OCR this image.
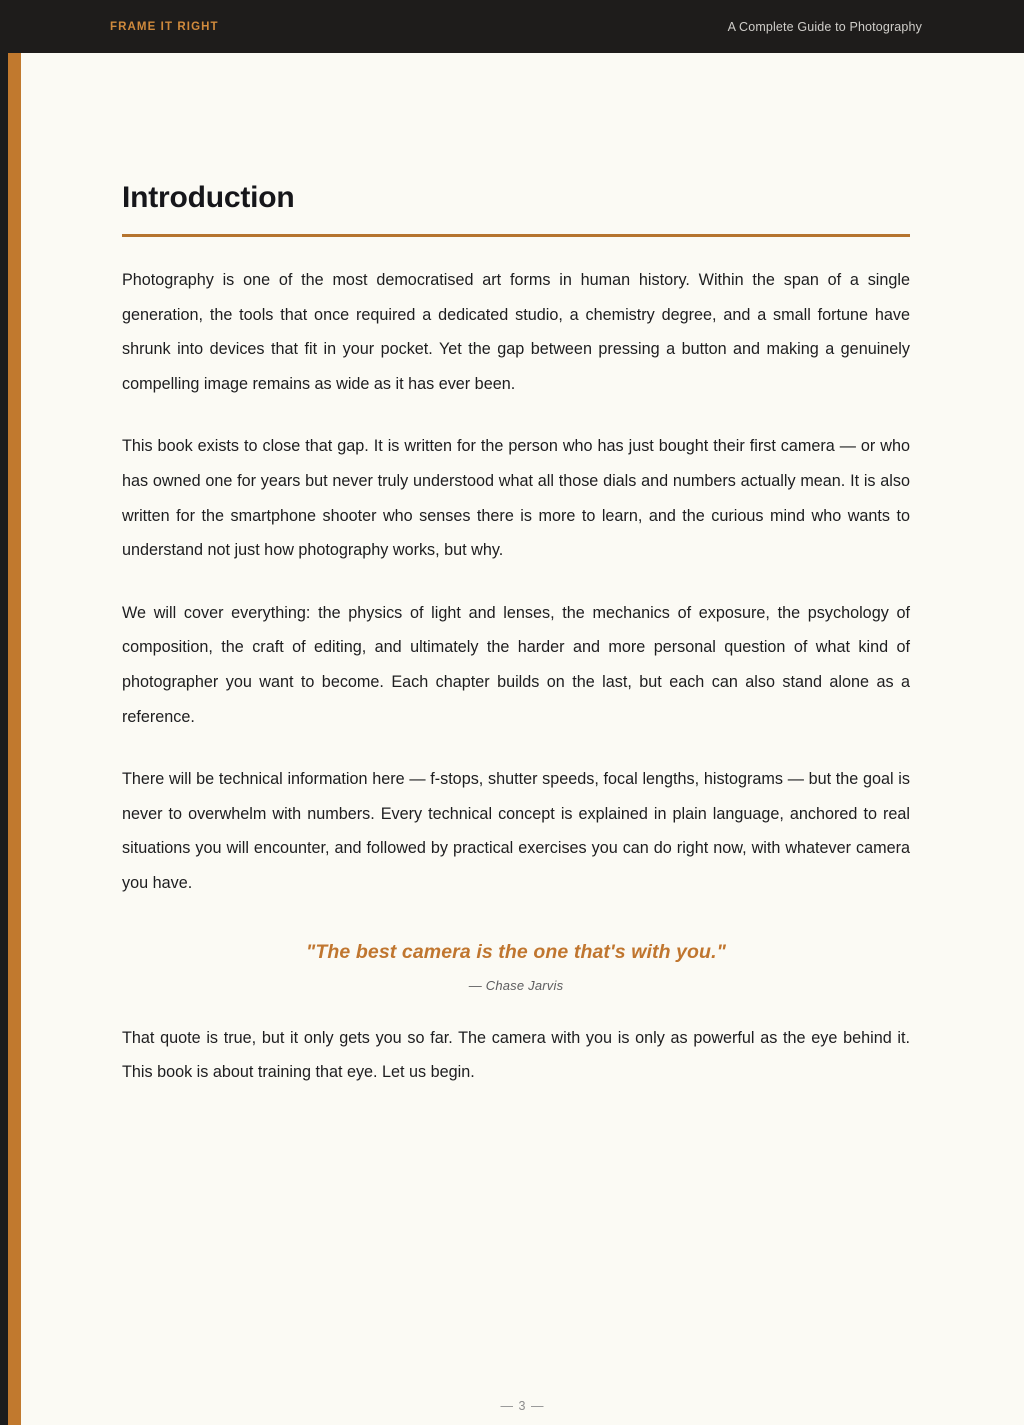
FRAME IT RIGHT	A Complete Guide to Photography
Introduction

Photography is one of the most democratised art forms in human history. Within the span of a single generation, the tools that once required a dedicated studio, a chemistry degree, and a small fortune have shrunk into devices that fit in your pocket. Yet the gap between pressing a button and making a genuinely compelling image remains as wide as it has ever been.

This book exists to close that gap. It is written for the person who has just bought their first camera — or who has owned one for years but never truly understood what all those dials and numbers actually mean. It is also written for the smartphone shooter who senses there is more to learn, and the curious mind who wants to understand not just how photography works, but why.

We will cover everything: the physics of light and lenses, the mechanics of exposure, the psychology of composition, the craft of editing, and ultimately the harder and more personal question of what kind of photographer you want to become. Each chapter builds on the last, but each can also stand alone as a reference.

There will be technical information here — f-stops, shutter speeds, focal lengths, histograms — but the goal is never to overwhelm with numbers. Every technical concept is explained in plain language, anchored to real situations you will encounter, and followed by practical exercises you can do right now, with whatever camera you have.

"The best camera is the one that's with you."
— Chase Jarvis

That quote is true, but it only gets you so far. The camera with you is only as powerful as the eye behind it. This book is about training that eye. Let us begin.

— 3 —
